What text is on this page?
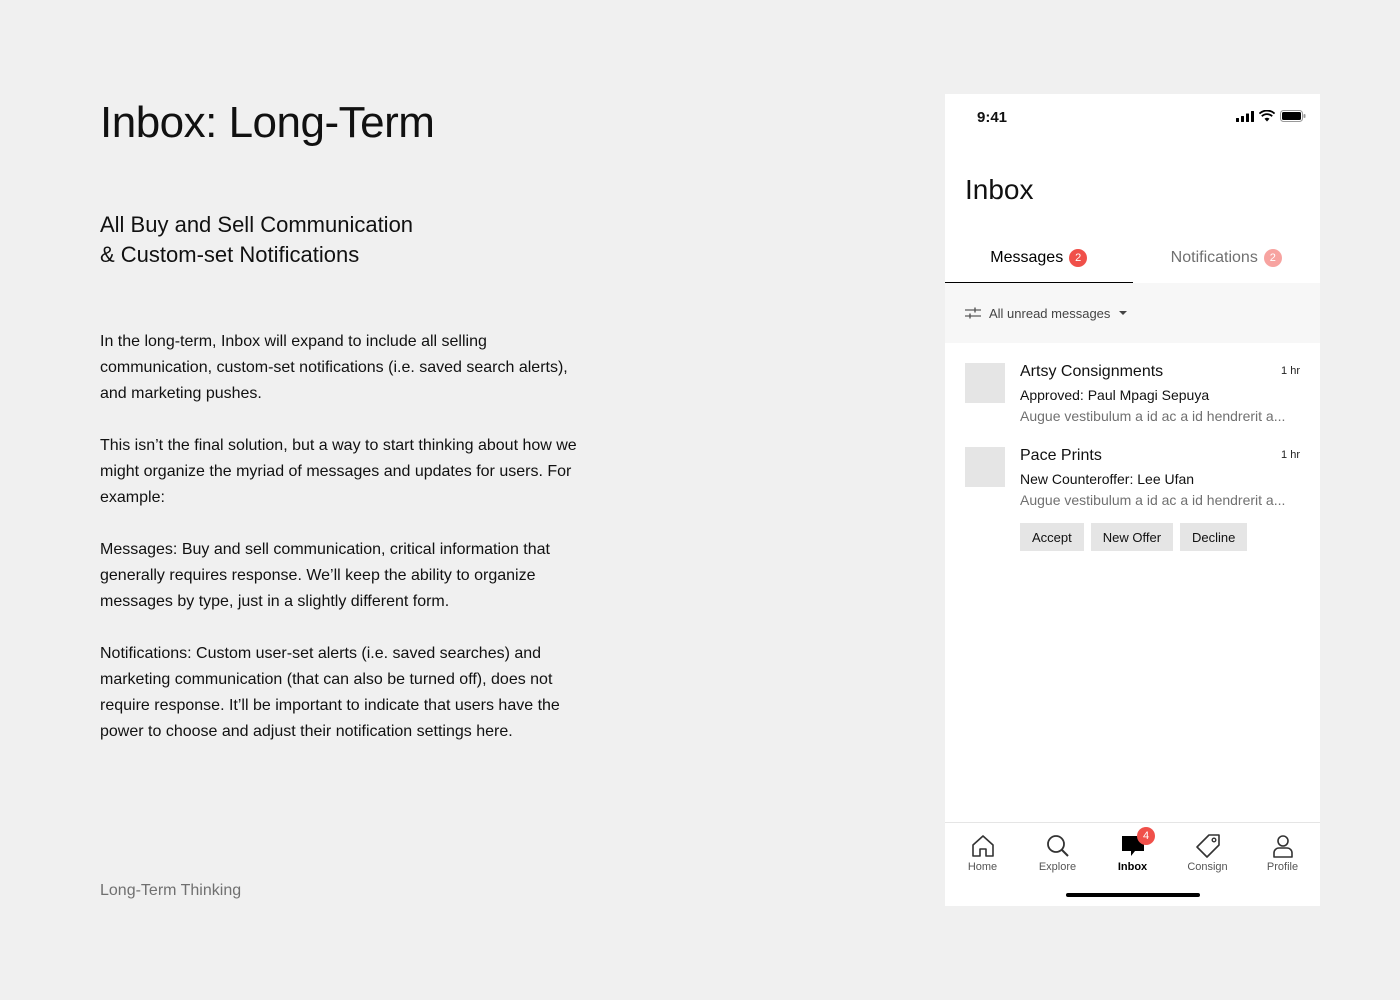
Inbox: Long-Term
All Buy and Sell Communication
& Custom-set Notifications

In the long-term, Inbox will expand to include all selling communication, custom-set notifications (i.e. saved search alerts), and marketing pushes.

This isn’t the final solution, but a way to start thinking about how we might organize the myriad of messages and updates for users. For example:

Messages: Buy and sell communication, critical information that generally requires response. We’ll keep the ability to organize messages by type, just in a slightly different form.

Notifications: Custom user-set alerts (i.e. saved searches) and marketing communication (that can also be turned off), does not require response. It’ll be important to indicate that users have the power to choose and adjust their notification settings here.

Long-Term Thinking
9:41
Inbox
Messages	2	Notifications	2
All unread messages
Artsy Consignments	1 hr
Approved: Paul Mpagi Sepuya
Augue vestibulum a id ac a id hendrerit a...
Pace Prints	1 hr
New Counteroffer: Lee Ufan
Augue vestibulum a id ac a id hendrerit a...
Accept	New Offer	Decline
Home	Explore
4
Inbox	Consign	Profile
